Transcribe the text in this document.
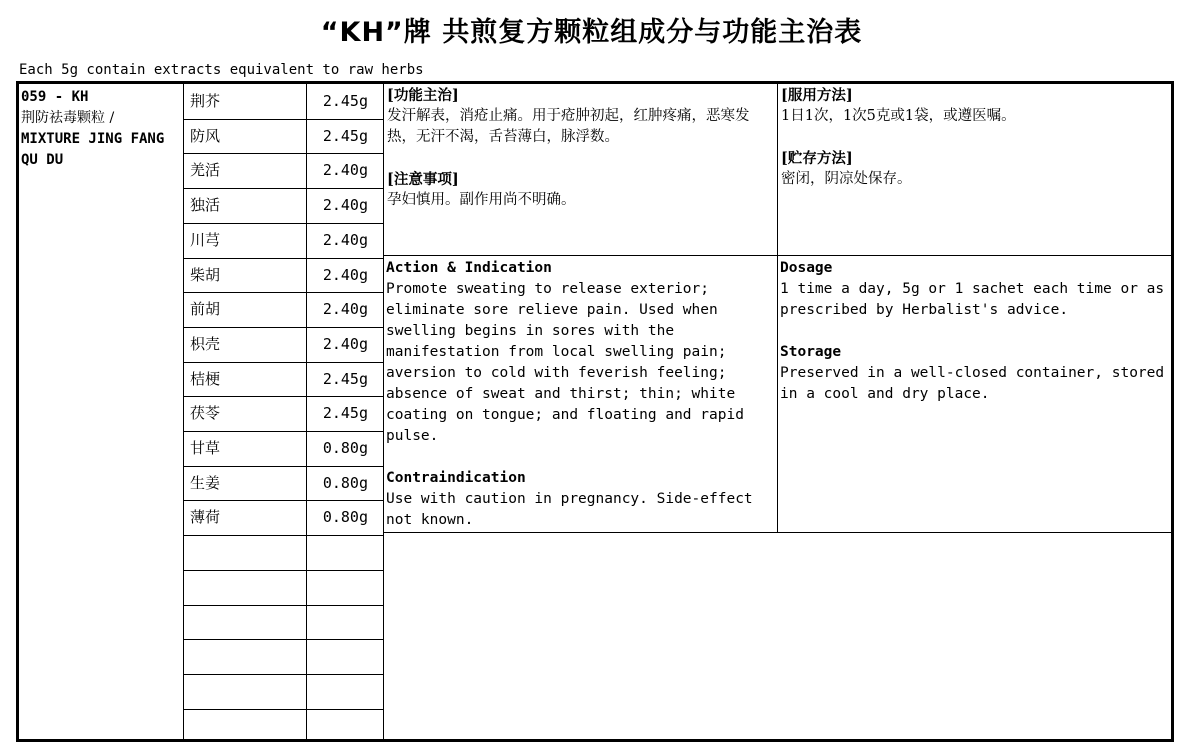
“KH”牌 共煎复方颗粒组成分与功能主治表
Each 5g contain extracts equivalent to raw herbs
荆芥	2.45g
防风	2.45g
羌活	2.40g
独活	2.40g
川芎	2.40g
柴胡	2.40g
前胡	2.40g
枳壳	2.40g
桔梗	2.45g
茯苓	2.45g
甘草	0.80g
生姜	0.80g
薄荷	0.80g
059 - KH
荆防祛毒颗粒 /
MIXTURE JING FANG QU DU
[功能主治]
发汗解表，消疮止痛。用于疮肿初起，红肿疼痛，恶寒发热，无汗不渴，舌苔薄白，脉浮数。
[注意事项]
孕妇慎用。副作用尚不明确。
[服用方法]
1日1次，1次5克或1袋，或遵医嘱。
[贮存方法]
密闭，阴凉处保存。
Action & Indication
Promote sweating to release exterior; eliminate sore relieve pain. Used when swelling begins in sores with the manifestation from local swelling pain; aversion to cold with feverish feeling; absence of sweat and thirst; thin; white coating on tongue; and floating and rapid pulse.
Contraindication
Use with caution in pregnancy. Side-effect not known.
Dosage
1 time a day, 5g or 1 sachet each time or as prescribed by Herbalist's advice.
Storage
Preserved in a well-closed container, stored in a cool and dry place.
